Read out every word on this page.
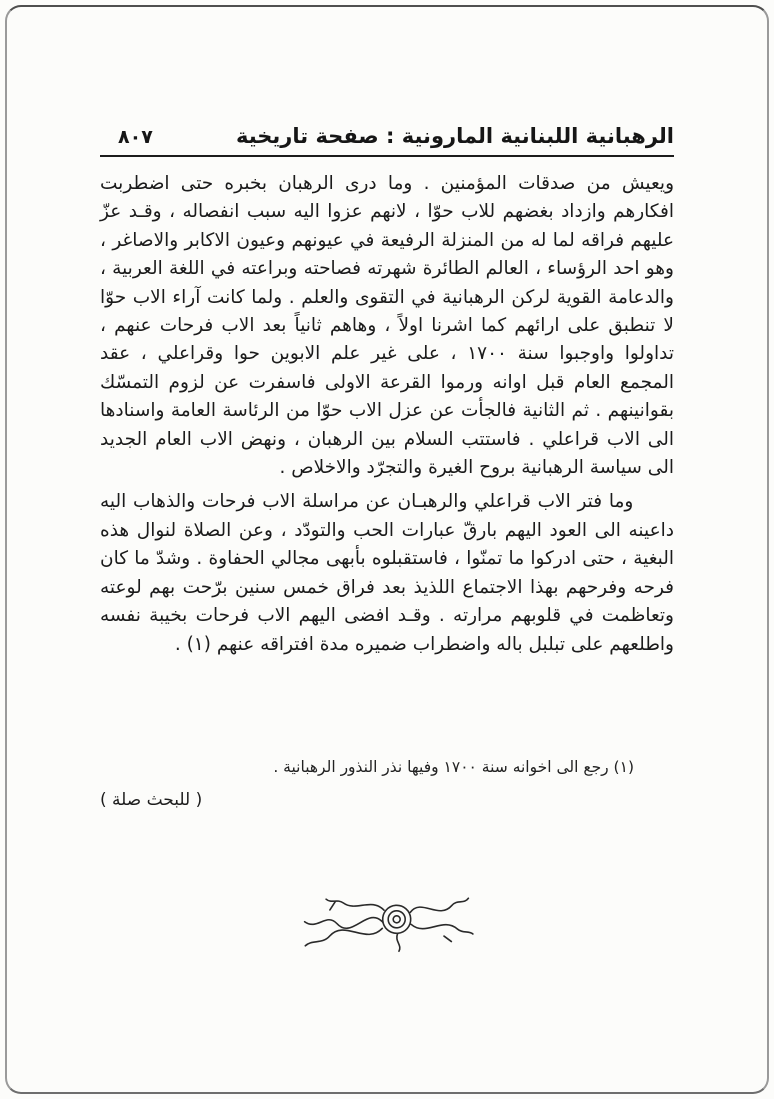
الرهبانية اللبنانية المارونية : صفحة تاريخية
٨٠٧

ويعيش من صدقات المؤمنين . وما درى الرهبان بخبره حتى اضطربت افكارهم وازداد بغضهم للاب حوّا ، لانهم عزوا اليه سبب انفصاله ، وقـد عزّ عليهم فراقه لما له من المنزلة الرفيعة في عيونهم وعيون الاكابر والاصاغر ، وهو احد الرؤساء ، العالم الطائرة شهرته فصاحته وبراعته في اللغة العربية ، والدعامة القوية لركن الرهبانية في التقوى والعلم . ولما كانت آراء الاب حوّا لا تنطبق على ارائهم كما اشرنا اولاً ، وهاهم ثانياً بعد الاب فرحات عنهم ، تداولوا واوجبوا سنة ١٧٠٠ ، على غير علم الابوين حوا وقراعلي ، عقد المجمع العام قبل اوانه ورموا القرعة الاولى فاسفرت عن لزوم التمسّك بقوانينهم . ثم الثانية فالجأت عن عزل الاب حوّا من الرئاسة العامة واسنادها الى الاب قراعلي . فاستتب السلام بين الرهبان ، ونهض الاب العام الجديد الى سياسة الرهبانية بروح الغيرة والتجرّد والاخلاص .

وما فتر الاب قراعلي والرهبـان عن مراسلة الاب فرحات والذهاب اليه داعينه الى العود اليهم بارقّ عبارات الحب والتودّد ، وعن الصلاة لنوال هذه البغية ، حتى ادركوا ما تمنّوا ، فاستقبلوه بأبهى مجالي الحفاوة . وشدّ ما كان فرحه وفرحهم بهذا الاجتماع اللذيذ بعد فراق خمس سنين برّحت بهم لوعته وتعاظمت في قلوبهم مرارته . وقـد افضى اليهم الاب فرحات بخيبة نفسه واطلعهم على تبلبل باله واضطراب ضميره مدة افتراقه عنهم (١) .

(١) رجع الى اخوانه سنة ١٧٠٠ وفيها نذر النذور الرهبانية .
( للبحث صلة )
